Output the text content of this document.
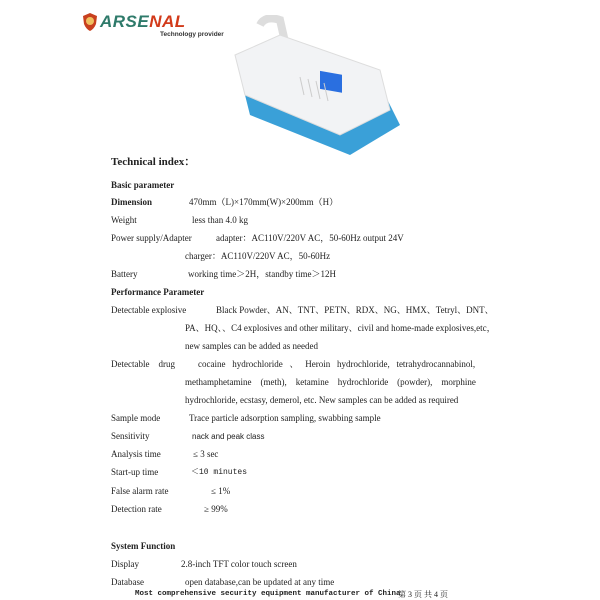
ARSENAL
Technology provider
Technical index：
Basic parameter
Dimension	470mm（L)×170mm(W)×200mm（H）
Weight	less than 4.0 kg
Power supply/Adapter	adapter：AC110V/220V AC，50-60Hz output 24V
charger：AC110V/220V AC，50-60Hz
Battery	working time＞2H，standby time＞12H
Performance Parameter
Detectable explosive	Black Powder、AN、TNT、PETN、RDX、NG、HMX、Tetryl、DNT、
PA、HQ、、C4 explosives and other military、civil and home-made explosives,etc，
new samples can be added as needed
Detectable    drug	cocaine   hydrochloride   、   Heroin   hydrochloride,   tetrahydrocannabinol,
methamphetamine    (meth),    ketamine    hydrochloride    (powder),    morphine
hydrochloride, ecstasy, demerol, etc. New samples can be added as required
Sample mode	Trace particle adsorption sampling, swabbing sample
Sensitivity	nack and peak class
Analysis time	≤ 3 sec
Start-up time	＜10 minutes
False alarm rate	≤ 1%
Detection rate	≥ 99%
System Function
Display	2.8-inch TFT color touch screen
Database	open database,can be updated at any time
Most comprehensive security equipment manufacturer of China
第 3 页 共 4 页
